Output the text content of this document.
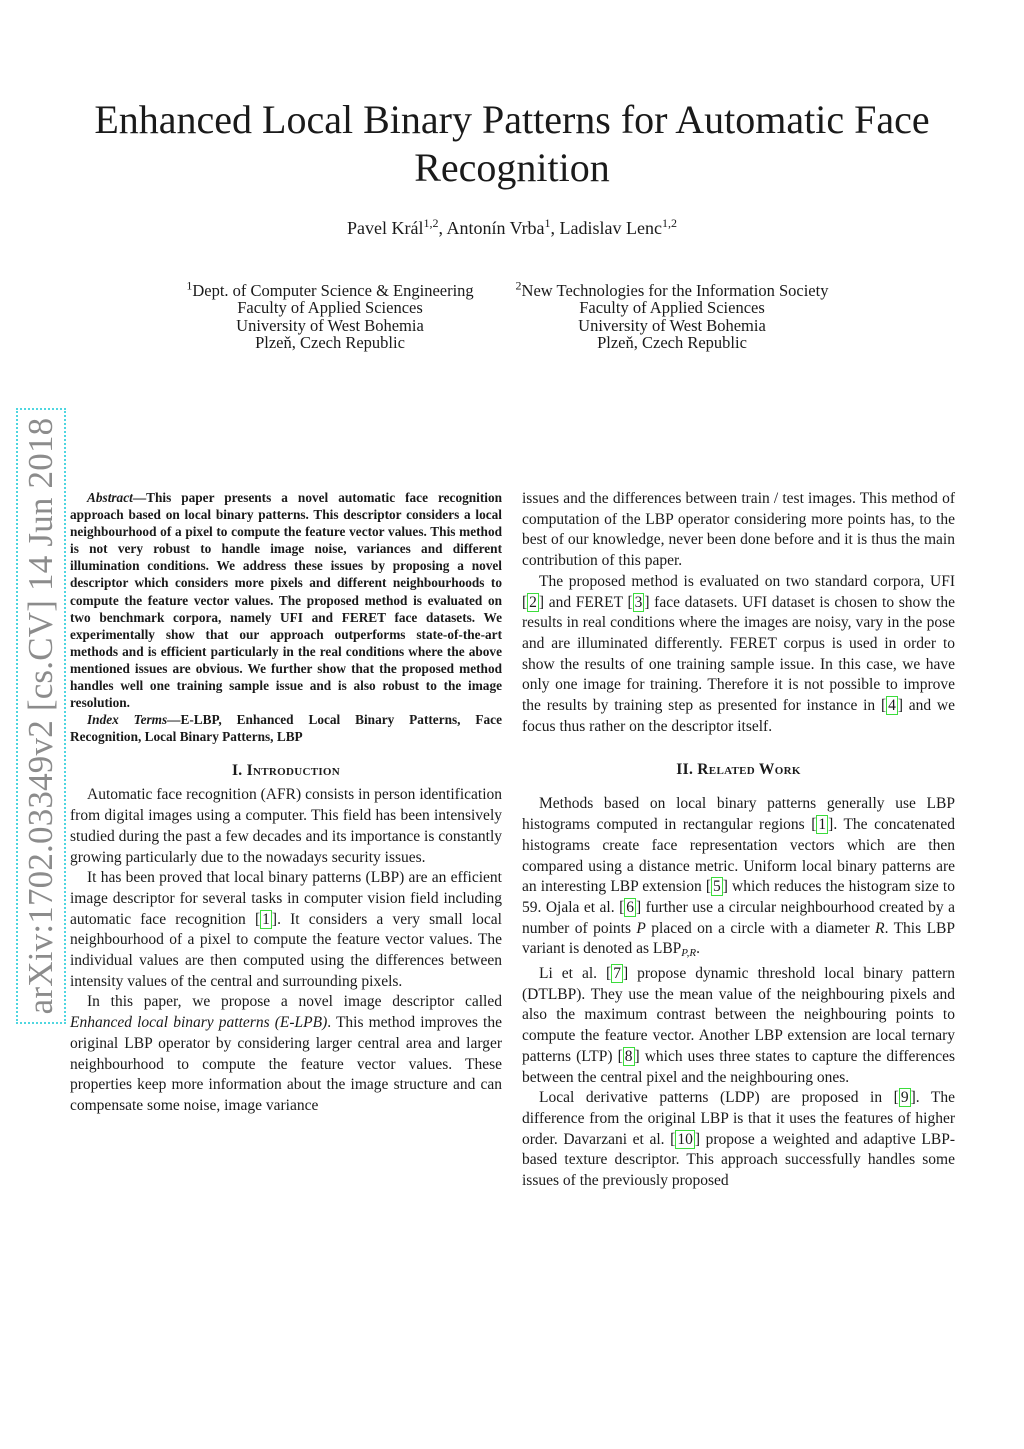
Enhanced Local Binary Patterns for Automatic Face Recognition
Pavel Král$^{1,2}$, Antonín Vrba$^1$, Ladislav Lenc$^{1,2}$
$^1$Dept. of Computer Science & Engineering
Faculty of Applied Sciences
University of West Bohemia
Plzeň, Czech Republic
$^2$New Technologies for the Information Society
Faculty of Applied Sciences
University of West Bohemia
Plzeň, Czech Republic
arXiv:1702.03349v2 [cs.CV] 14 Jun 2018	Abstract—This paper presents a novel automatic face recognition approach based on local binary patterns. This descriptor considers a local neighbourhood of a pixel to compute the feature vector values. This method is not very robust to handle image noise, variances and different illumination conditions. We address these issues by proposing a novel descriptor which considers more pixels and different neighbourhoods to compute the feature vector values. The proposed method is evaluated on two benchmark corpora, namely UFI and FERET face datasets. We experimentally show that our approach outperforms state-of-the-art methods and is efficient particularly in the real conditions where the above mentioned issues are obvious. We further show that the proposed method handles well one training sample issue and is also robust to the image resolution.

Index Terms—E-LBP, Enhanced Local Binary Patterns, Face Recognition, Local Binary Patterns, LBP

I. Introduction

Automatic face recognition (AFR) consists in person identification from digital images using a computer. This field has been intensively studied during the past a few decades and its importance is constantly growing particularly due to the nowadays security issues.

It has been proved that local binary patterns (LBP) are an efficient image descriptor for several tasks in computer vision field including automatic face recognition [ 1 ]. It considers a very small local neighbourhood of a pixel to compute the feature vector values. The individual values are then computed using the differences between intensity values of the central and surrounding pixels.

In this paper, we propose a novel image descriptor called Enhanced local binary patterns (E-LPB). This method improves the original LBP operator by considering larger central area and larger neighbourhood to compute the feature vector values. These properties keep more information about the image structure and can compensate some noise, image variance

issues and the differences between train / test images. This method of computation of the LBP operator considering more points has, to the best of our knowledge, never been done before and it is thus the main contribution of this paper.

The proposed method is evaluated on two standard corpora, UFI [ 2 ] and FERET [ 3 ] face datasets. UFI dataset is chosen to show the results in real conditions where the images are noisy, vary in the pose and are illuminated differently. FERET corpus is used in order to show the results of one training sample issue. In this case, we have only one image for training. Therefore it is not possible to improve the results by training step as presented for instance in [ 4 ] and we focus thus rather on the descriptor itself.

II. Related Work

Methods based on local binary patterns generally use LBP histograms computed in rectangular regions [ 1 ]. The concatenated histograms create face representation vectors which are then compared using a distance metric. Uniform local binary patterns are an interesting LBP extension [ 5 ] which reduces the histogram size to 59. Ojala et al. [ 6 ] further use a circular neighbourhood created by a number of points P placed on a circle with a diameter R. This LBP variant is denoted as $LBP_{P,R}$.

Li et al. [ 7 ] propose dynamic threshold local binary pattern (DTLBP). They use the mean value of the neighbouring pixels and also the maximum contrast between the neighbouring points to compute the feature vector. Another LBP extension are local ternary patterns (LTP) [ 8 ] which uses three states to capture the differences between the central pixel and the neighbouring ones.

Local derivative patterns (LDP) are proposed in [ 9 ]. The difference from the original LBP is that it uses the features of higher order. Davarzani et al. [ 10 ] propose a weighted and adaptive LBP-based texture descriptor. This approach successfully handles some issues of the previously proposed
